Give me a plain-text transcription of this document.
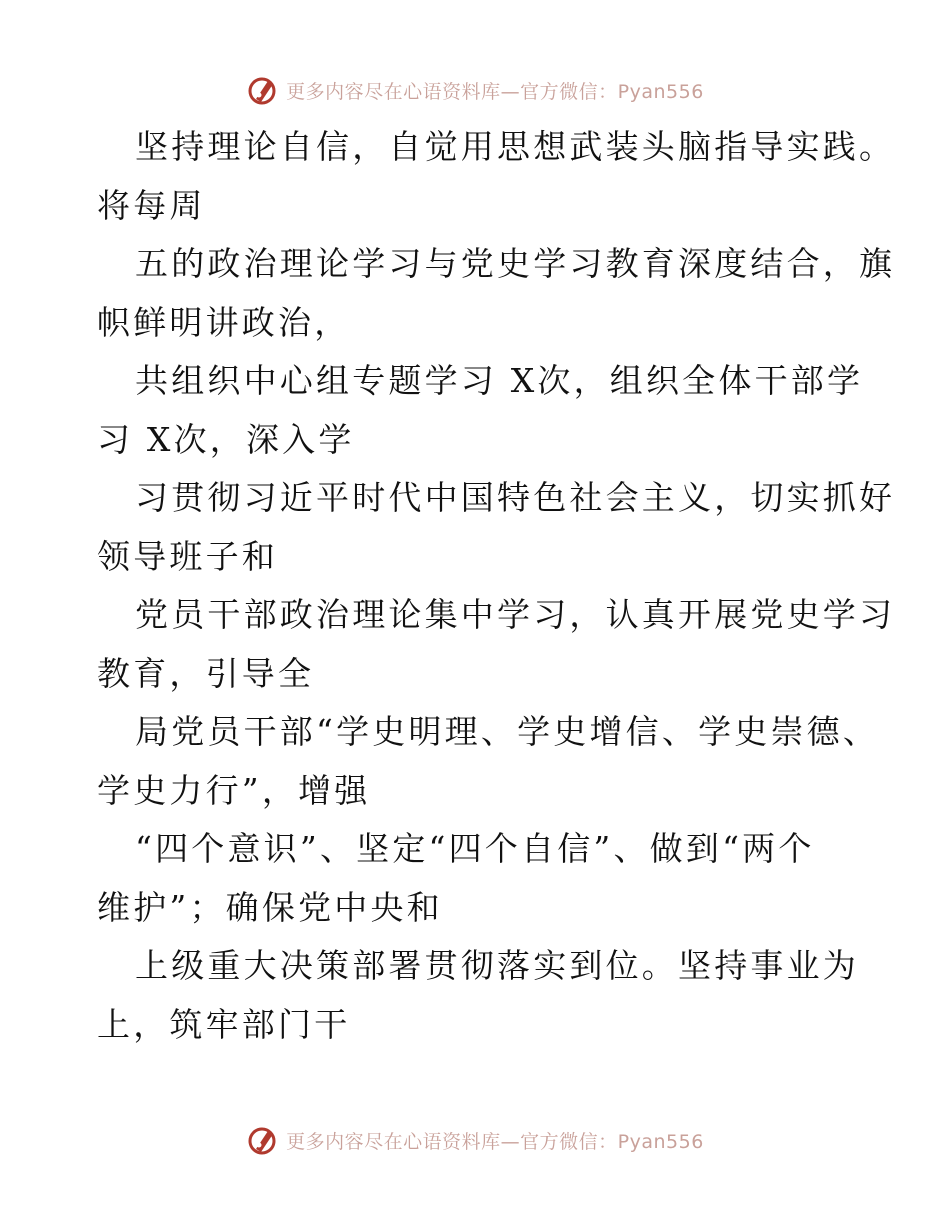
更多内容尽在心语资料库—官方微信：Pyan556
坚持理论自信，自觉用思想武装头脑指导实践。
将每周
五的政治理论学习与党史学习教育深度结合，旗
帜鲜明讲政治，
共组织中心组专题学习 X次，组织全体干部学
习 X次，深入学
习贯彻习近平时代中国特色社会主义，切实抓好
领导班子和
党员干部政治理论集中学习，认真开展党史学习
教育，引导全
局党员干部“学史明理、学史增信、学史崇德、
学史力行”，增强
“四个意识”、坚定“四个自信”、做到“两个
维护”；确保党中央和
上级重大决策部署贯彻落实到位。坚持事业为
上，筑牢部门干
更多内容尽在心语资料库—官方微信：Pyan556
